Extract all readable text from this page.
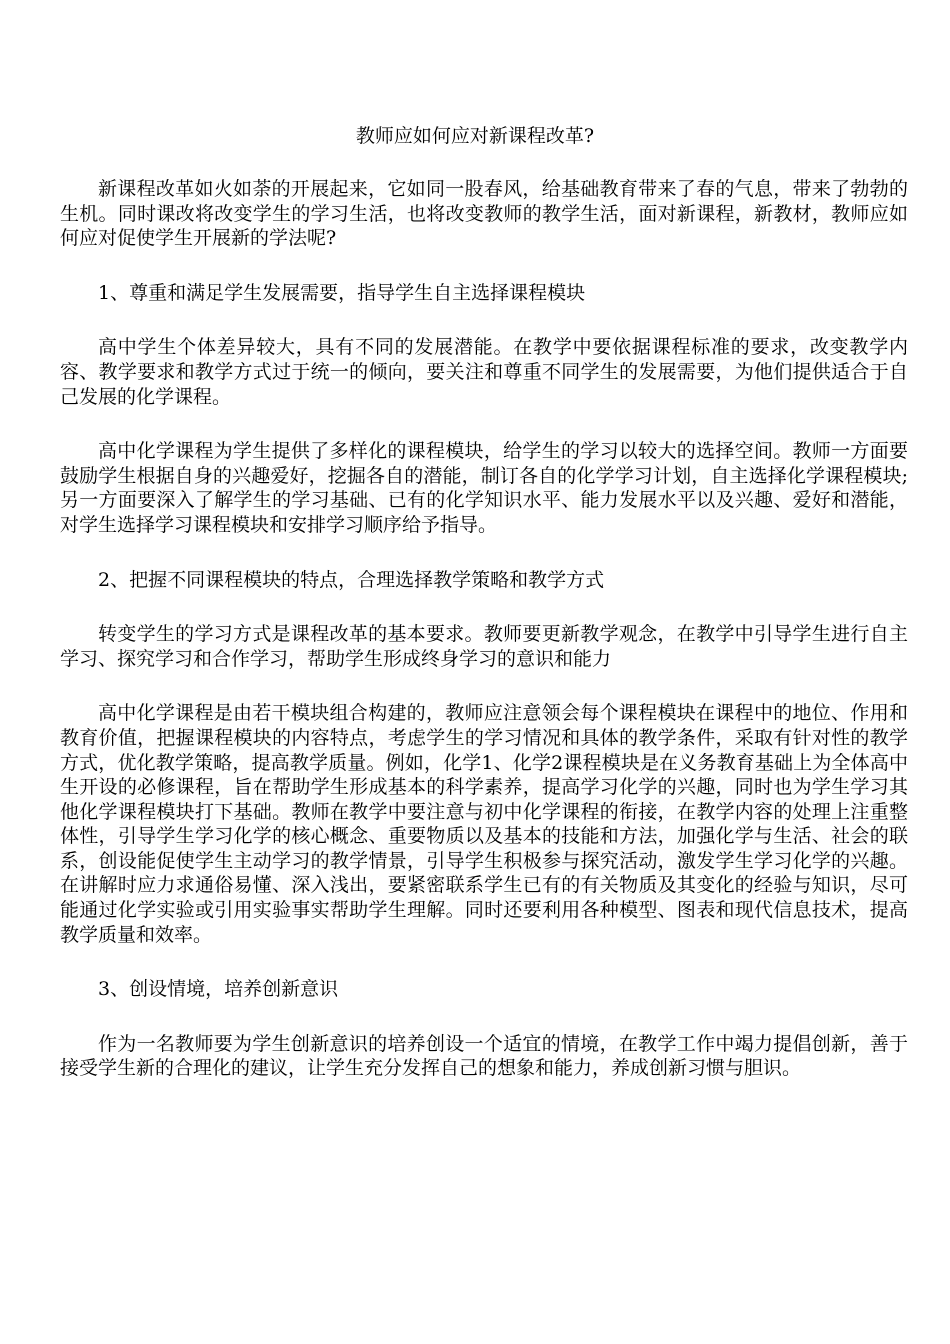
教师应如何应对新课程改革?

新课程改革如火如荼的开展起来，它如同一股春风，给基础教育带来了春的气息，带来了勃勃的生机。同时课改将改变学生的学习生活，也将改变教师的教学生活，面对新课程，新教材，教师应如何应对促使学生开展新的学法呢?

1、尊重和满足学生发展需要，指导学生自主选择课程模块

高中学生个体差异较大，具有不同的发展潜能。在教学中要依据课程标准的要求，改变教学内容、教学要求和教学方式过于统一的倾向，要关注和尊重不同学生的发展需要，为他们提供适合于自己发展的化学课程。

高中化学课程为学生提供了多样化的课程模块，给学生的学习以较大的选择空间。教师一方面要鼓励学生根据自身的兴趣爱好，挖掘各自的潜能，制订各自的化学学习计划，自主选择化学课程模块;另一方面要深入了解学生的学习基础、已有的化学知识水平、能力发展水平以及兴趣、爱好和潜能，对学生选择学习课程模块和安排学习顺序给予指导。

2、把握不同课程模块的特点，合理选择教学策略和教学方式

转变学生的学习方式是课程改革的基本要求。教师要更新教学观念，在教学中引导学生进行自主学习、探究学习和合作学习，帮助学生形成终身学习的意识和能力

高中化学课程是由若干模块组合构建的，教师应注意领会每个课程模块在课程中的地位、作用和教育价值，把握课程模块的内容特点，考虑学生的学习情况和具体的教学条件，采取有针对性的教学方式，优化教学策略，提高教学质量。例如，化学1、化学2课程模块是在义务教育基础上为全体高中生开设的必修课程，旨在帮助学生形成基本的科学素养，提高学习化学的兴趣，同时也为学生学习其他化学课程模块打下基础。教师在教学中要注意与初中化学课程的衔接，在教学内容的处理上注重整体性，引导学生学习化学的核心概念、重要物质以及基本的技能和方法，加强化学与生活、社会的联系，创设能促使学生主动学习的教学情景，引导学生积极参与探究活动，激发学生学习化学的兴趣。在讲解时应力求通俗易懂、深入浅出，要紧密联系学生已有的有关物质及其变化的经验与知识，尽可能通过化学实验或引用实验事实帮助学生理解。同时还要利用各种模型、图表和现代信息技术，提高教学质量和效率。

3、创设情境，培养创新意识

作为一名教师要为学生创新意识的培养创设一个适宜的情境，在教学工作中竭力提倡创新，善于接受学生新的合理化的建议，让学生充分发挥自己的想象和能力，养成创新习惯与胆识。
